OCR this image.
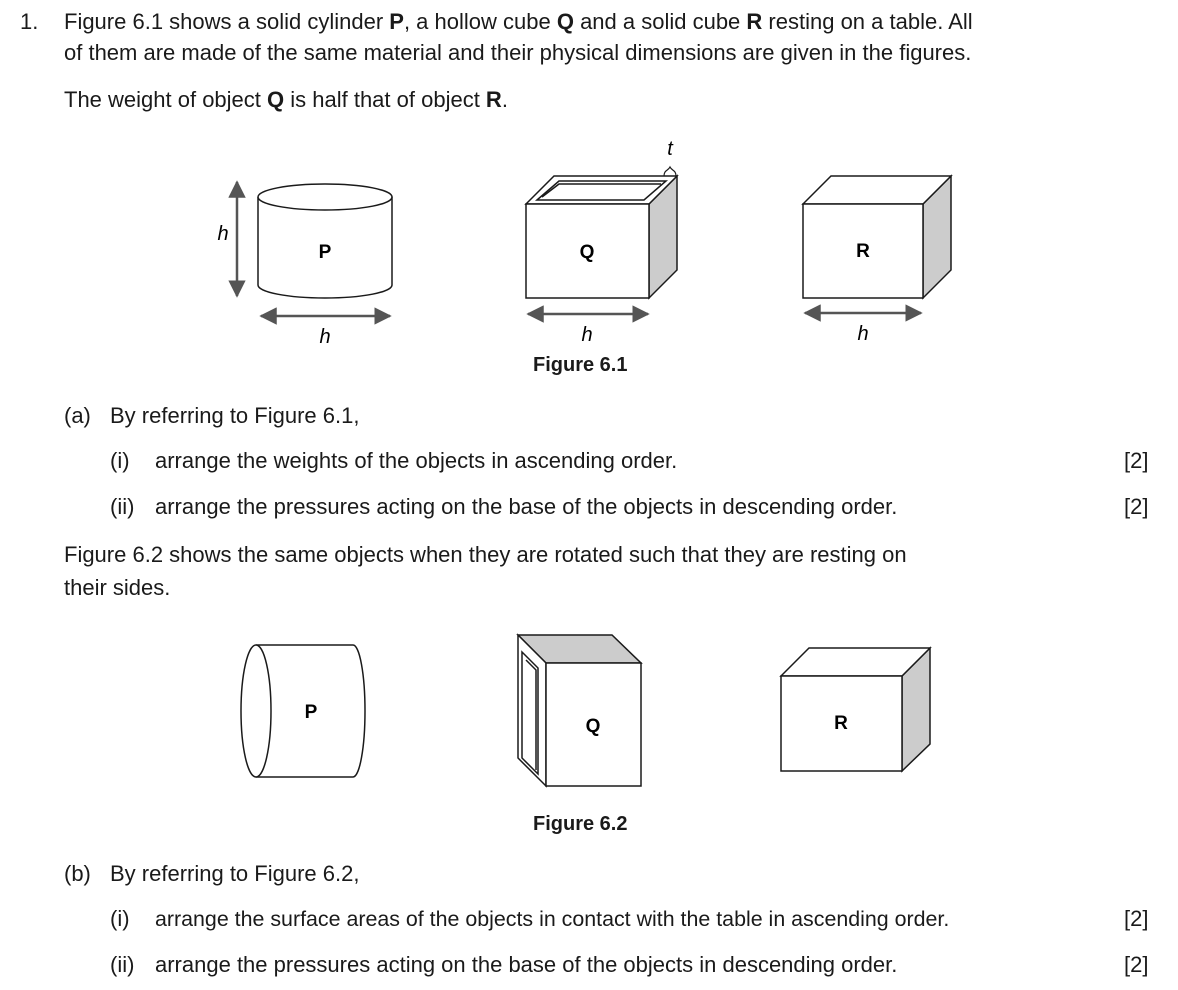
1. Figure 6.1 shows a solid cylinder P, a hollow cube Q and a solid cube R resting on a table. All
of them are made of the same material and their physical dimensions are given in the figures.
The weight of object Q is half that of object R.
P
h
h
Q
t
h
R
h
Figure 6.1
(a) By referring to Figure 6.1,
(i) arrange the weights of the objects in ascending order.	[2]
(ii) arrange the pressures acting on the base of the objects in descending order.	[2]
Figure 6.2 shows the same objects when they are rotated such that they are resting on
their sides.
P
Q	R
Figure 6.2
(b) By referring to Figure 6.2,
(i) arrange the surface areas of the objects in contact with the table in ascending order.	[2]
(ii) arrange the pressures acting on the base of the objects in descending order.	[2]
